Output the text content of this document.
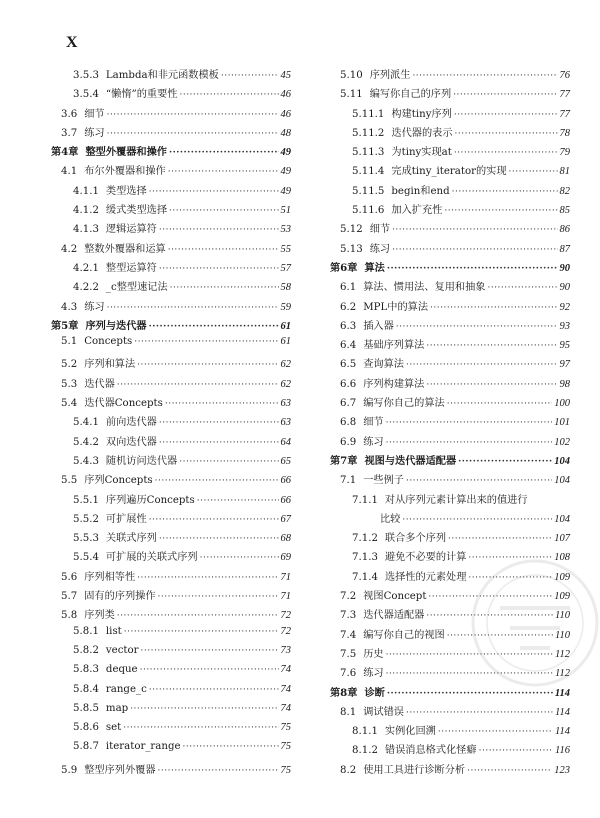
X
3.5.3 Lambda和非元函数模板 ·····	45
3.5.4 “懒惰”的重要性 ·····	46
3.6 细节 ·····	46
3.7 练习 ·····	48
第4章 整型外覆器和操作 ·····	49
4.1 布尔外覆器和操作 ·····	49
4.1.1 类型选择 ·····	49
4.1.2 缓式类型选择 ·····	51
4.1.3 逻辑运算符 ·····	53
4.2 整数外覆器和运算 ·····	55
4.2.1 整型运算符 ·····	57
4.2.2 _c整型速记法 ·····	58
4.3 练习 ·····	59
第5章 序列与迭代器 ·····	61
5.1 Concepts ·····	61
5.2 序列和算法 ·····	62
5.3 迭代器 ·····	62
5.4 迭代器Concepts ·····	63
5.4.1 前向迭代器 ·····	63
5.4.2 双向迭代器 ·····	64
5.4.3 随机访问迭代器 ·····	65
5.5 序列Concepts ·····	66
5.5.1 序列遍历Concepts ·····	66
5.5.2 可扩展性 ·····	67
5.5.3 关联式序列 ·····	68
5.5.4 可扩展的关联式序列 ·····	69
5.6 序列相等性 ·····	71
5.7 固有的序列操作 ·····	71
5.8 序列类 ·····	72
5.8.1 list ·····	72
5.8.2 vector ·····	73
5.8.3 deque ·····	74
5.8.4 range_c ·····	74
5.8.5 map ·····	74
5.8.6 set ·····	75
5.8.7 iterator_range ·····	75
5.9 整型序列外覆器 ·····	75
5.10 序列派生 ·····	76
5.11 编写你自己的序列 ·····	77
5.11.1 构建tiny序列 ·····	77
5.11.2 迭代器的表示 ·····	78
5.11.3 为tiny实现at ·····	79
5.11.4 完成tiny_iterator的实现 ·····	81
5.11.5 begin和end ·····	82
5.11.6 加入扩充性 ·····	85
5.12 细节 ·····	86
5.13 练习 ·····	87
第6章 算法 ·····	90
6.1 算法、惯用法、复用和抽象 ·····	90
6.2 MPL中的算法 ·····	92
6.3 插入器 ·····	93
6.4 基础序列算法 ·····	95
6.5 查询算法 ·····	97
6.6 序列构建算法 ·····	98
6.7 编写你自己的算法 ·····	100
6.8 细节 ·····	101
6.9 练习 ·····	102
第7章 视图与迭代器适配器 ·····	104
7.1 一些例子 ·····	104
7.1.1 对从序列元素计算出来的值进行
比较 ·····	104
7.1.2 联合多个序列 ·····	107
7.1.3 避免不必要的计算 ·····	108
7.1.4 选择性的元素处理 ·····	109
7.2 视图Concept ·····	109
7.3 迭代器适配器 ·····	110
7.4 编写你自己的视图 ·····	110
7.5 历史 ·····	112
7.6 练习 ·····	112
第8章 诊断 ·····	114
8.1 调试错误 ·····	114
8.1.1 实例化回溯 ·····	114
8.1.2 错误消息格式化怪癖 ·····	116
8.2 使用工具进行诊断分析 ·····	123
